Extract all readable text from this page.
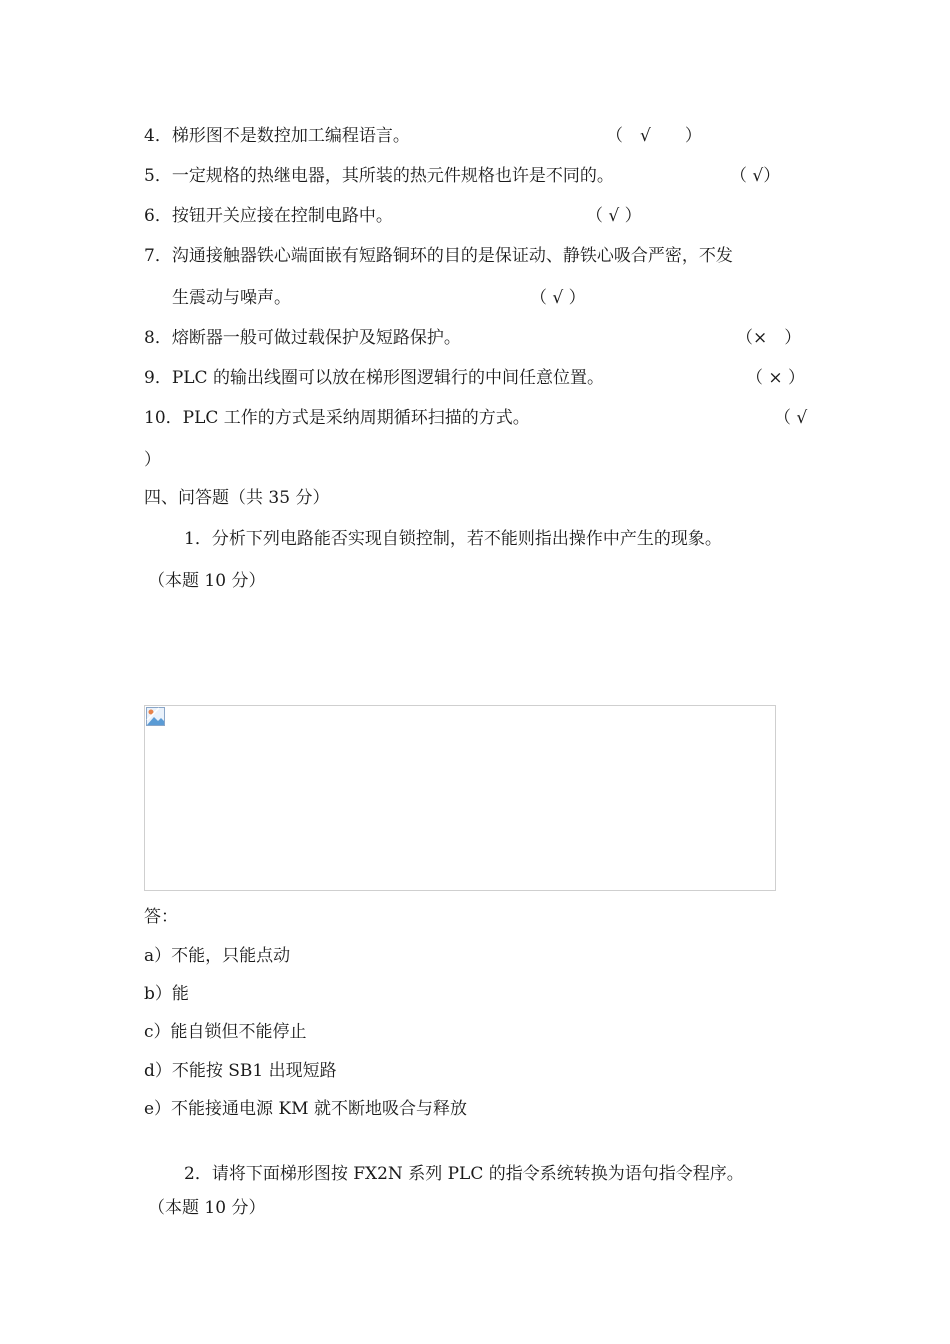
4．梯形图不是数控加工编程语言。	（　√　　）
5．一定规格的热继电器，其所装的热元件规格也许是不同的。	（ √）
6．按钮开关应接在控制电路中。	（ √ ）
7．沟通接触器铁心端面嵌有短路铜环的目的是保证动、静铁心吸合严密，不发
生震动与噪声。	（ √ ）
8．熔断器一般可做过载保护及短路保护。	（×　）
9．PLC 的输出线圈可以放在梯形图逻辑行的中间任意位置。	（ × ）
10．PLC 工作的方式是采纳周期循环扫描的方式。	（ √
）
四、问答题（共 35 分）
1．分析下列电路能否实现自锁控制，若不能则指出操作中产生的现象。
（本题 10 分）
答：
a）不能，只能点动
b）能
c）能自锁但不能停止
d）不能按 SB1 出现短路
e）不能接通电源 KM 就不断地吸合与释放
2．请将下面梯形图按 FX2N 系列 PLC 的指令系统转换为语句指令程序。
（本题 10 分）
